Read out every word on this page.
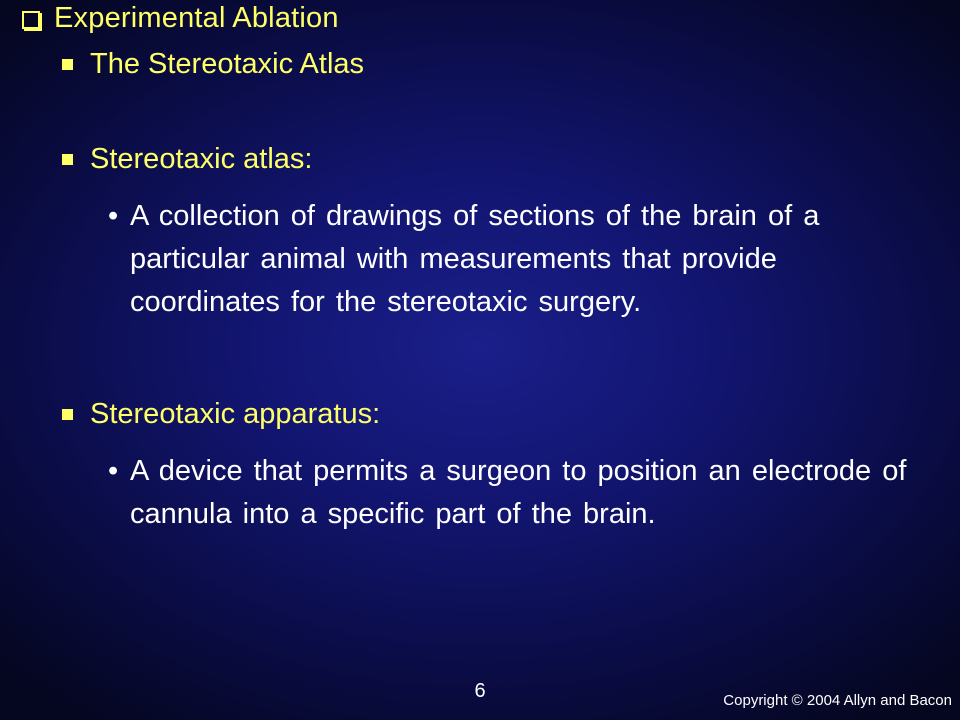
Experimental Ablation
The Stereotaxic Atlas
Stereotaxic atlas:
• A collection of drawings of sections of the brain of a particular animal with measurements that provide coordinates for the stereotaxic surgery.
Stereotaxic apparatus:
• A device that permits a surgeon to position an electrode of cannula into a specific part of the brain.
6	Copyright © 2004 Allyn and Bacon
